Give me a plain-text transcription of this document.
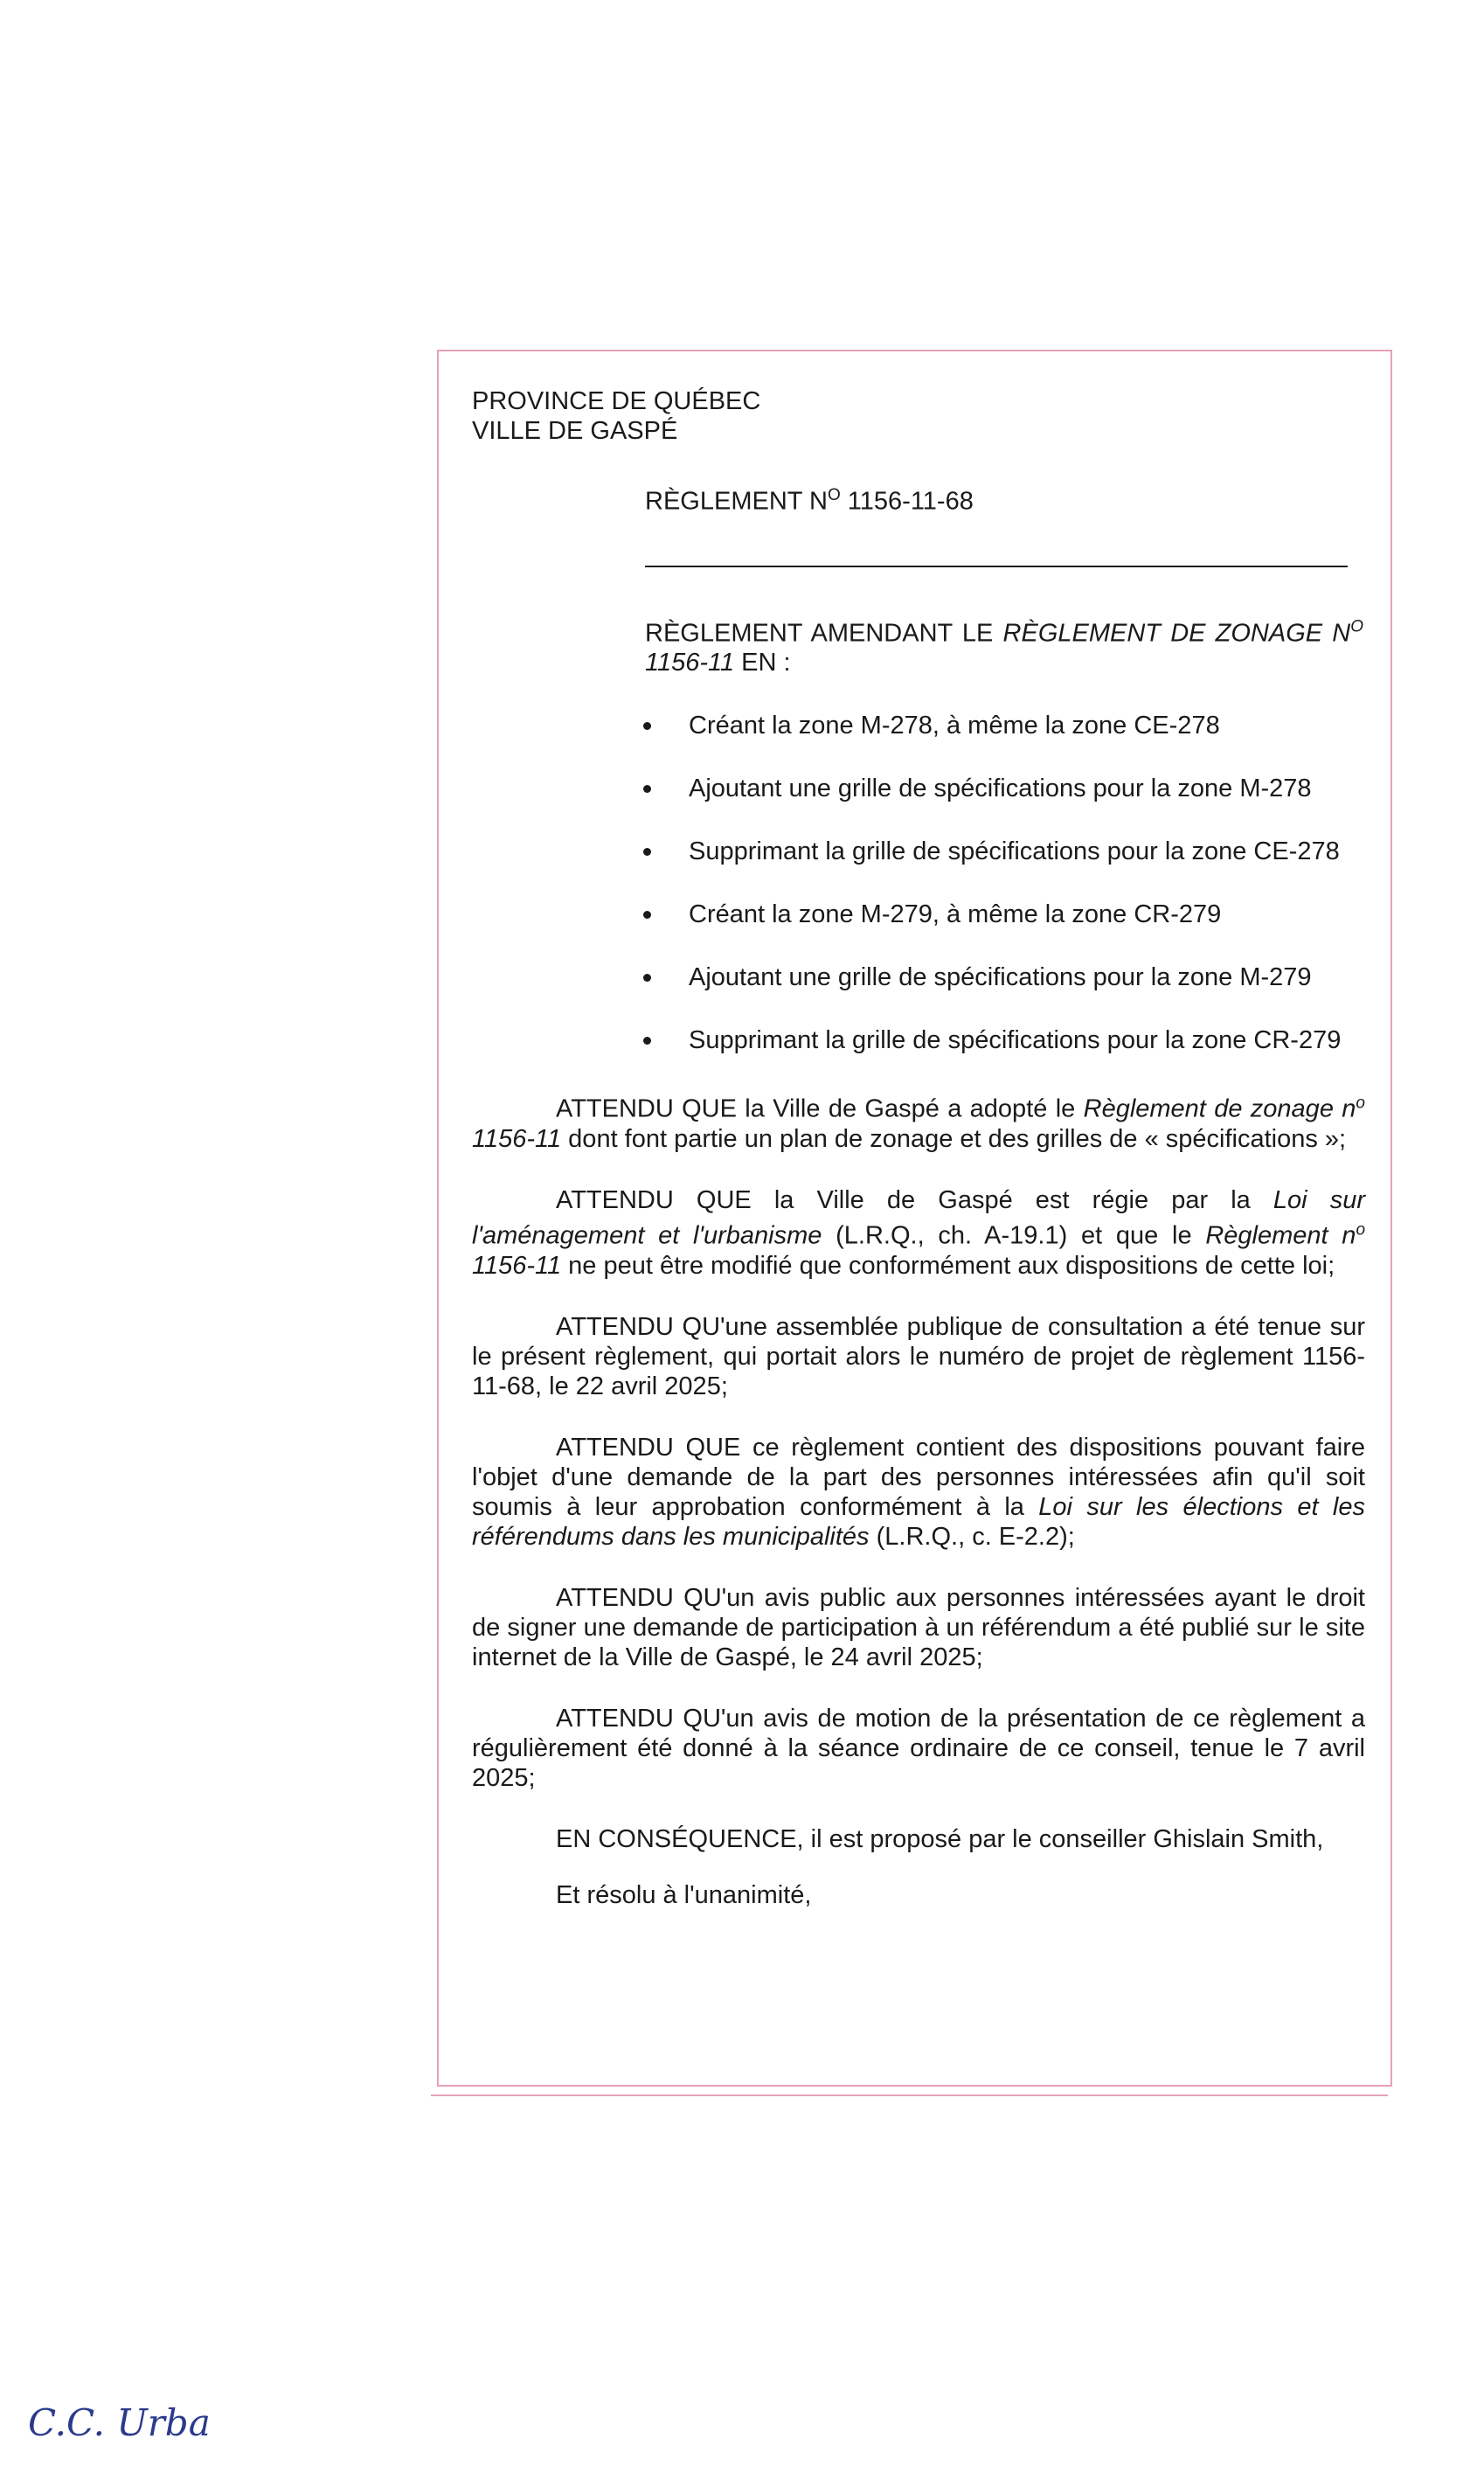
PROVINCE DE QUÉBEC

VILLE DE GASPÉ

RÈGLEMENT $N^O$ 1156-11-68

RÈGLEMENT AMENDANT LE RÈGLEMENT DE ZONAGE $N^O$ 1156-11 EN :

Créant la zone M-278, à même la zone CE-278
Ajoutant une grille de spécifications pour la zone M-278
Supprimant la grille de spécifications pour la zone CE-278
Créant la zone M-279, à même la zone CR-279
Ajoutant une grille de spécifications pour la zone M-279
Supprimant la grille de spécifications pour la zone CR-279

ATTENDU QUE la Ville de Gaspé a adopté le Règlement de zonage $n^o$ 1156-11 dont font partie un plan de zonage et des grilles de « spécifications »;

ATTENDU QUE la Ville de Gaspé est régie par la Loi sur l'aménagement et l'urbanisme (L.R.Q., ch. A-19.1) et que le Règlement $n^o$ 1156-11 ne peut être modifié que conformément aux dispositions de cette loi;

ATTENDU QU'une assemblée publique de consultation a été tenue sur le présent règlement, qui portait alors le numéro de projet de règlement 1156-11-68, le 22 avril 2025;

ATTENDU QUE ce règlement contient des dispositions pouvant faire l'objet d'une demande de la part des personnes intéressées afin qu'il soit soumis à leur approbation conformément à la Loi sur les élections et les référendums dans les municipalités (L.R.Q., c. E-2.2);

ATTENDU QU'un avis public aux personnes intéressées ayant le droit de signer une demande de participation à un référendum a été publié sur le site internet de la Ville de Gaspé, le 24 avril 2025;

ATTENDU QU'un avis de motion de la présentation de ce règlement a régulièrement été donné à la séance ordinaire de ce conseil, tenue le 7 avril 2025;

EN CONSÉQUENCE, il est proposé par le conseiller Ghislain Smith,

Et résolu à l'unanimité,

C.C. Urba
